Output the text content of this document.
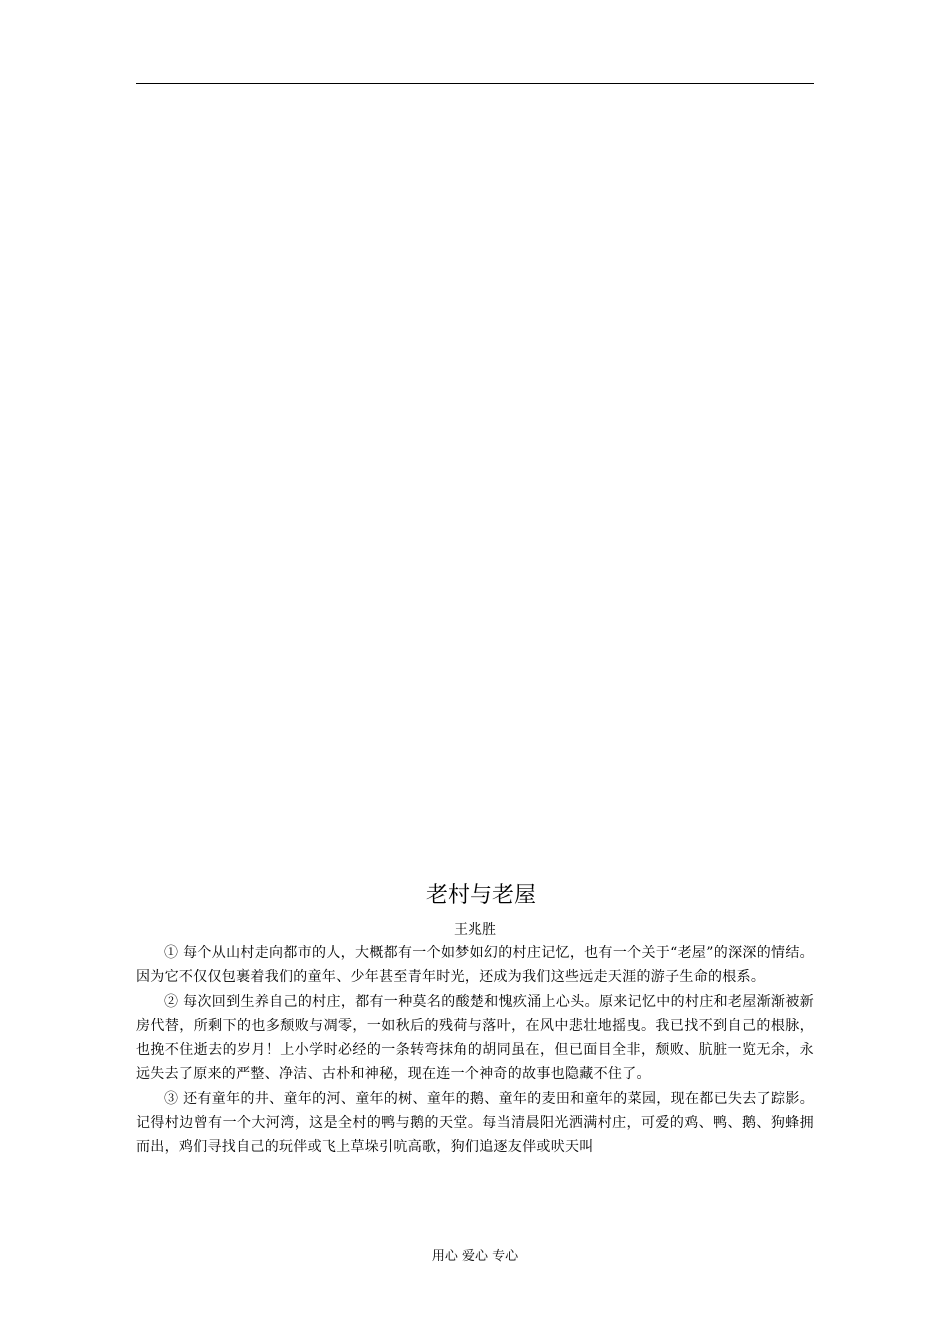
老村与老屋
王兆胜

① 每个从山村走向都市的人，大概都有一个如梦如幻的村庄记忆，也有一个关于“老屋”的深深的情结。因为它不仅仅包裹着我们的童年、少年甚至青年时光，还成为我们这些远走天涯的游子生命的根系。

② 每次回到生养自己的村庄，都有一种莫名的酸楚和愧疚涌上心头。原来记忆中的村庄和老屋渐渐被新房代替，所剩下的也多颓败与凋零，一如秋后的残荷与落叶，在风中悲壮地摇曳。我已找不到自己的根脉，也挽不住逝去的岁月！上小学时必经的一条转弯抹角的胡同虽在，但已面目全非，颓败、肮脏一览无余，永远失去了原来的严整、净洁、古朴和神秘，现在连一个神奇的故事也隐藏不住了。

③ 还有童年的井、童年的河、童年的树、童年的鹅、童年的麦田和童年的菜园，现在都已失去了踪影。记得村边曾有一个大河湾，这是全村的鸭与鹅的天堂。每当清晨阳光洒满村庄，可爱的鸡、鸭、鹅、狗蜂拥而出，鸡们寻找自己的玩伴或飞上草垛引吭高歌，狗们追逐友伴或吠天叫

用心 爱心 专心
